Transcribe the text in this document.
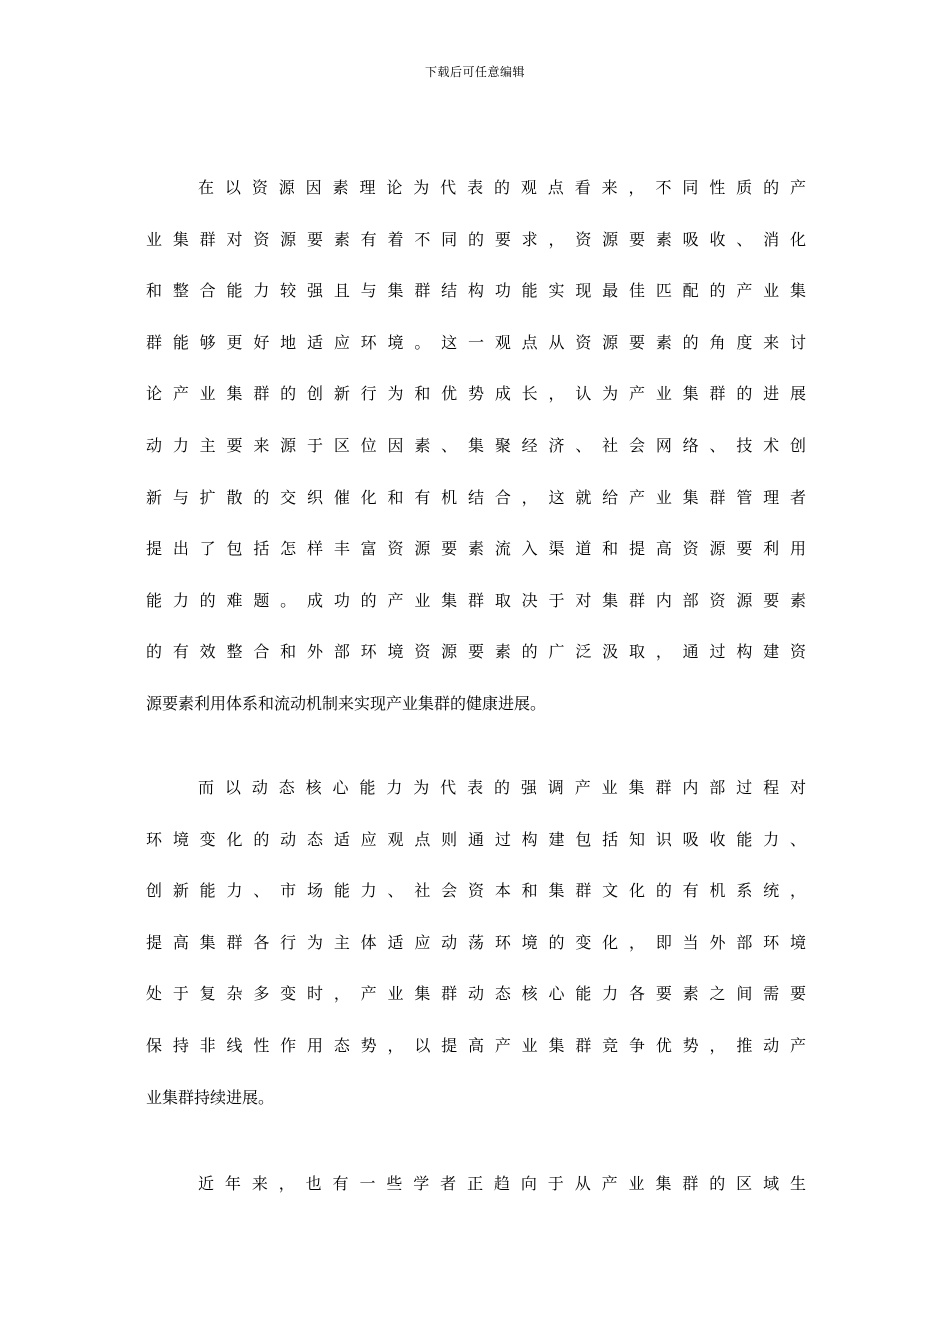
下载后可任意编辑
在以资源因素理论为代表的观点看来，不同性质的产
业集群对资源要素有着不同的要求，资源要素吸收、消化
和整合能力较强且与集群结构功能实现最佳匹配的产业集
群能够更好地适应环境。这一观点从资源要素的角度来讨
论产业集群的创新行为和优势成长，认为产业集群的进展
动力主要来源于区位因素、集聚经济、社会网络、技术创
新与扩散的交织催化和有机结合，这就给产业集群管理者
提出了包括怎样丰富资源要素流入渠道和提高资源要利用
能力的难题。成功的产业集群取决于对集群内部资源要素
的有效整合和外部环境资源要素的广泛汲取，通过构建资
源要素利用体系和流动机制来实现产业集群的健康进展。
而以动态核心能力为代表的强调产业集群内部过程对
环境变化的动态适应观点则通过构建包括知识吸收能力、
创新能力、市场能力、社会资本和集群文化的有机系统，
提高集群各行为主体适应动荡环境的变化，即当外部环境
处于复杂多变时，产业集群动态核心能力各要素之间需要
保持非线性作用态势，以提高产业集群竞争优势，推动产
业集群持续进展。
近年来，也有一些学者正趋向于从产业集群的区域生
